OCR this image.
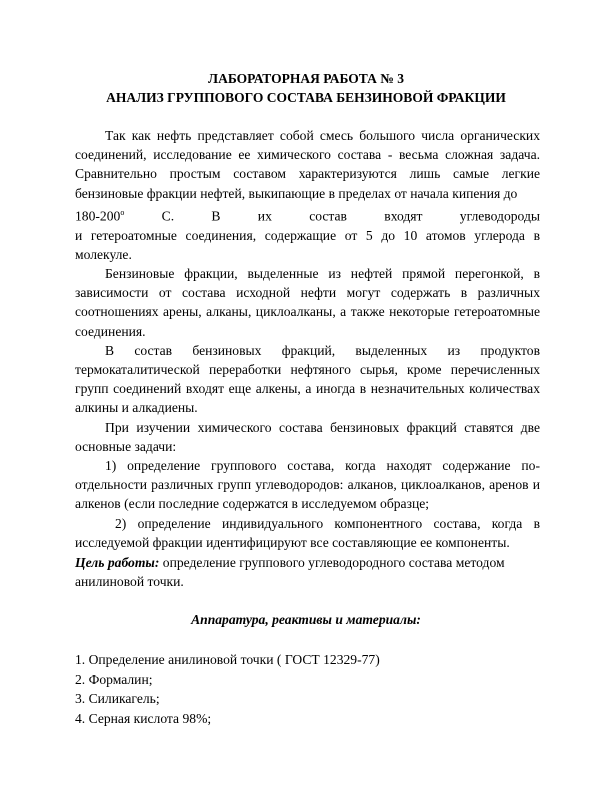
ЛАБОРАТОРНАЯ РАБОТА № 3
АНАЛИЗ ГРУППОВОГО СОСТАВА БЕНЗИНОВОЙ ФРАКЦИИ

Так как нефть представляет собой смесь большого числа органических соединений, исследование ее химического состава - весьма сложная задача. Сравнительно простым составом характеризуются лишь самые легкие бензиновые фракции нефтей, выкипающие в пределах от начала кипения до

180-200$^o$	С. В их состав входят углеводороды

и гетероатомные соединения, содержащие от 5 до 10 атомов углерода в молекуле.

Бензиновые фракции, выделенные из нефтей прямой перегонкой, в зависимости от состава исходной нефти могут содержать в различных соотношениях арены, алканы, циклоалканы, а также некоторые гетероатомные соединения.

В состав бензиновых фракций, выделенных из продуктов термокаталитической переработки нефтяного сырья, кроме перечисленных групп соединений входят еще алкены, а иногда в незначительных количествах алкины и алкадиены.

При изучении химического состава бензиновых фракций ставятся две основные задачи:

1) определение группового состава, когда находят содержание по-отдельности различных групп углеводородов: алканов, циклоалканов, аренов и алкенов (если последние содержатся в исследуемом образце;

2) определение индивидуального компонентного состава, когда в исследуемой фракции идентифицируют все составляющие ее компоненты.

Цель работы: определение группового углеводородного состава методом анилиновой точки.
Аппаратура, реактивы и материалы:
1. Определение анилиновой точки ( ГОСТ 12329-77)
2. Формалин;
3. Силикагель;
4. Серная кислота 98%;
